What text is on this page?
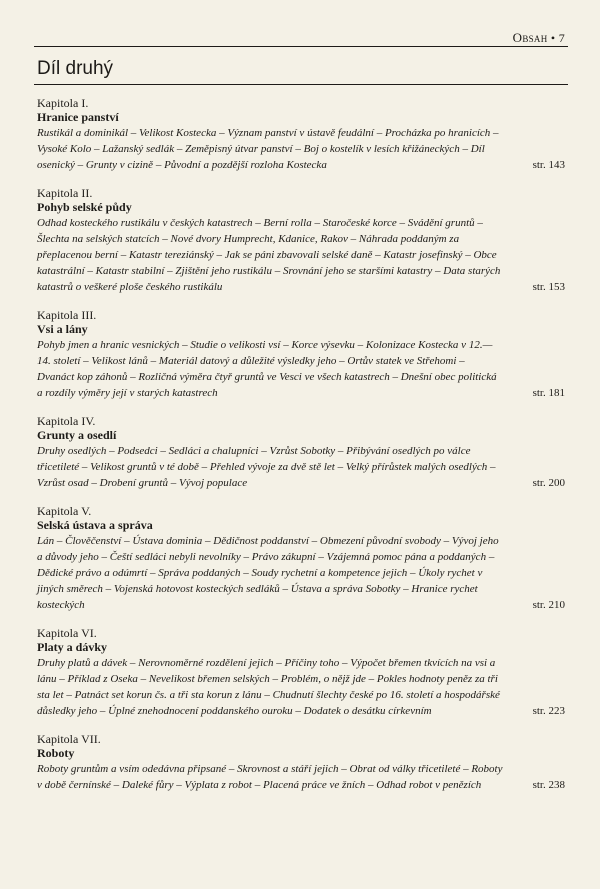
Obsah • 7
Díl druhý
Kapitola I.
Hranice panství

Rustikál a dominikál – Velikost Kostecka – Význam panství v ústavě feudální – Procházka po hranicích – Vysoké Kolo – Lažanský sedlák – Zeměpisný útvar panství – Boj o kostelík v lesích křižáneckých – Díl osenický – Grunty v cizině – Původní a pozdější rozloha Kostecka	str. 143
Kapitola II.
Pohyb selské půdy

Odhad kosteckého rustikálu v českých katastrech – Berní rolla – Staročeské korce – Svádění gruntů – Šlechta na selských statcích – Nové dvory Humprecht, Kdanice, Rakov – Náhrada poddaným za přeplacenou berní – Katastr tereziánský – Jak se páni zbavovali selské daně – Katastr josefinský – Obce katastrální – Katastr stabilní – Zjištění jeho rustikálu – Srovnání jeho se staršími katastry – Data starých katastrů o veškeré ploše českého rustikálu	str. 153
Kapitola III.
Vsi a lány

Pohyb jmen a hranic vesnických – Studie o velikosti vsí – Korce výsevku – Kolonizace Kostecka v 12.—14. století – Velikost lánů – Materiál datový a důležité výsledky jeho – Ortův statek ve Střehomi – Dvanáct kop záhonů – Rozličná výměra čtyř gruntů ve Vesci ve všech katastrech – Dnešní obec politická a rozdíly výměry její v starých katastrech	str. 181
Kapitola IV.
Grunty a osedlí

Druhy osedlých – Podsedci – Sedláci a chalupníci – Vzrůst Sobotky – Přibývání osedlých po válce třicetileté – Velikost gruntů v té době – Přehled vývoje za dvě stě let – Velký přírůstek malých osedlých – Vzrůst osad – Drobení gruntů – Vývoj populace	str. 200
Kapitola V.
Selská ústava a správa

Lán – Člověčenství – Ústava dominia – Dědičnost poddanství – Obmezení původní svobody – Vývoj jeho a důvody jeho – Čeští sedláci nebyli nevolníky – Právo zákupní – Vzájemná pomoc pána a poddaných – Dědické právo a odúmrtí – Správa poddaných – Soudy rychetní a kompetence jejich – Úkoly rychet v jiných směrech – Vojenská hotovost kosteckých sedláků – Ústava a správa Sobotky – Hranice rychet kosteckých	str. 210
Kapitola VI.
Platy a dávky

Druhy platů a dávek – Nerovnoměrné rozdělení jejich – Příčiny toho – Výpočet břemen tkvících na vsi a lánu – Příklad z Oseka – Nevelikost břemen selských – Problém, o nějž jde – Pokles hodnoty peněz za tři sta let – Patnáct set korun čs. a tři sta korun z lánu – Chudnutí šlechty české po 16. století a hospodářské důsledky jeho – Úplné znehodnocení poddanského ouroku – Dodatek o desátku církevním	str. 223
Kapitola VII.
Roboty

Roboty gruntům a vsím odedávna připsané – Skrovnost a stáří jejich – Obrat od války třicetileté – Roboty v době černínské – Daleké fůry – Výplata z robot – Placená práce ve žních – Odhad robot v penězích	str. 238
